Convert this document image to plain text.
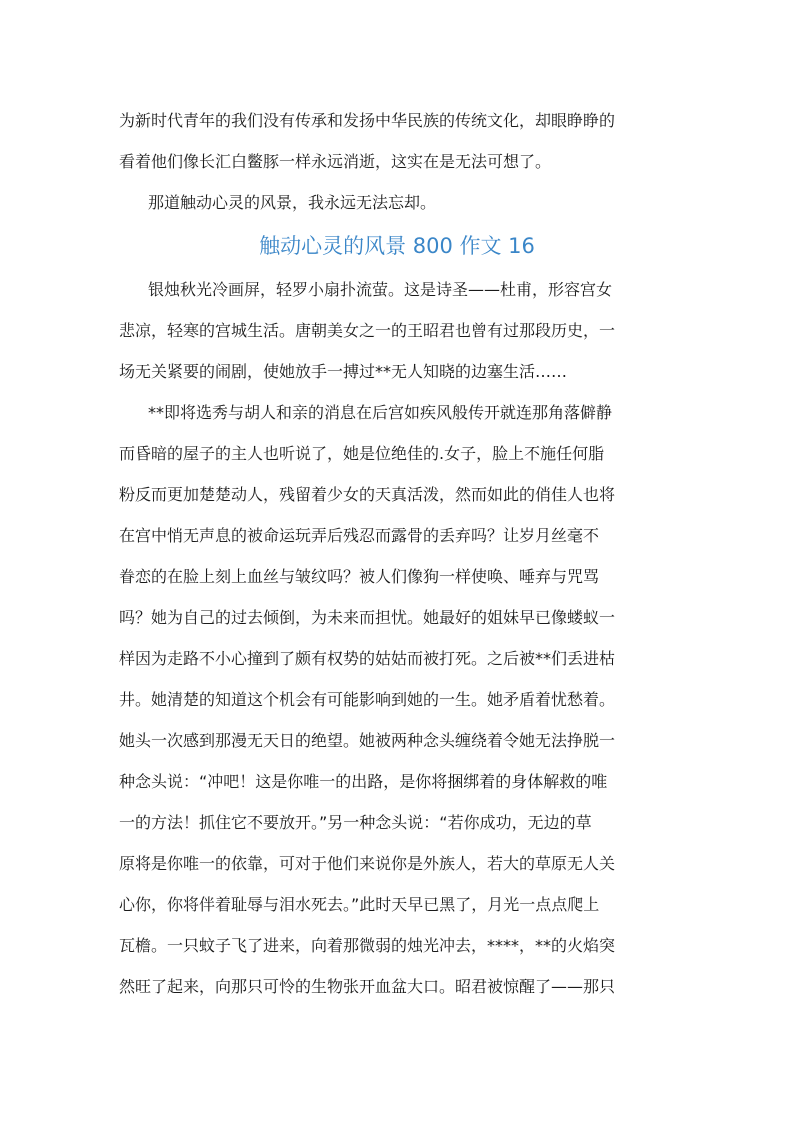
为新时代青年的我们没有传承和发扬中华民族的传统文化，却眼睁睁的
看着他们像长汇白鳖豚一样永远消逝，这实在是无法可想了。
那道触动心灵的风景，我永远无法忘却。
触动心灵的风景 800 作文 16
银烛秋光冷画屏，轻罗小扇扑流萤。这是诗圣——杜甫，形容宫女
悲凉，轻寒的宫城生活。唐朝美女之一的王昭君也曾有过那段历史，一
场无关紧要的闹剧，使她放手一搏过**无人知晓的边塞生活……
**即将选秀与胡人和亲的消息在后宫如疾风般传开就连那角落僻静
而昏暗的屋子的主人也听说了，她是位绝佳的.女子，脸上不施任何脂
粉反而更加楚楚动人，残留着少女的天真活泼，然而如此的俏佳人也将
在宫中悄无声息的被命运玩弄后残忍而露骨的丢弃吗？让岁月丝毫不
眷恋的在脸上刻上血丝与皱纹吗？被人们像狗一样使唤、唾弃与咒骂
吗？她为自己的过去倾倒，为未来而担忧。她最好的姐妹早已像蝼蚁一
样因为走路不小心撞到了颇有权势的姑姑而被打死。之后被**们丢进枯
井。她清楚的知道这个机会有可能影响到她的一生。她矛盾着忧愁着。
她头一次感到那漫无天日的绝望。她被两种念头缠绕着令她无法挣脱一
种念头说：“冲吧！这是你唯一的出路，是你将捆绑着的身体解救的唯
一的方法！抓住它不要放开。”另一种念头说：“若你成功，无边的草
原将是你唯一的依靠，可对于他们来说你是外族人，若大的草原无人关
心你，你将伴着耻辱与泪水死去。”此时天早已黑了，月光一点点爬上
瓦檐。一只蚊子飞了进来，向着那微弱的烛光冲去，****，**的火焰突
然旺了起来，向那只可怜的生物张开血盆大口。昭君被惊醒了——那只
